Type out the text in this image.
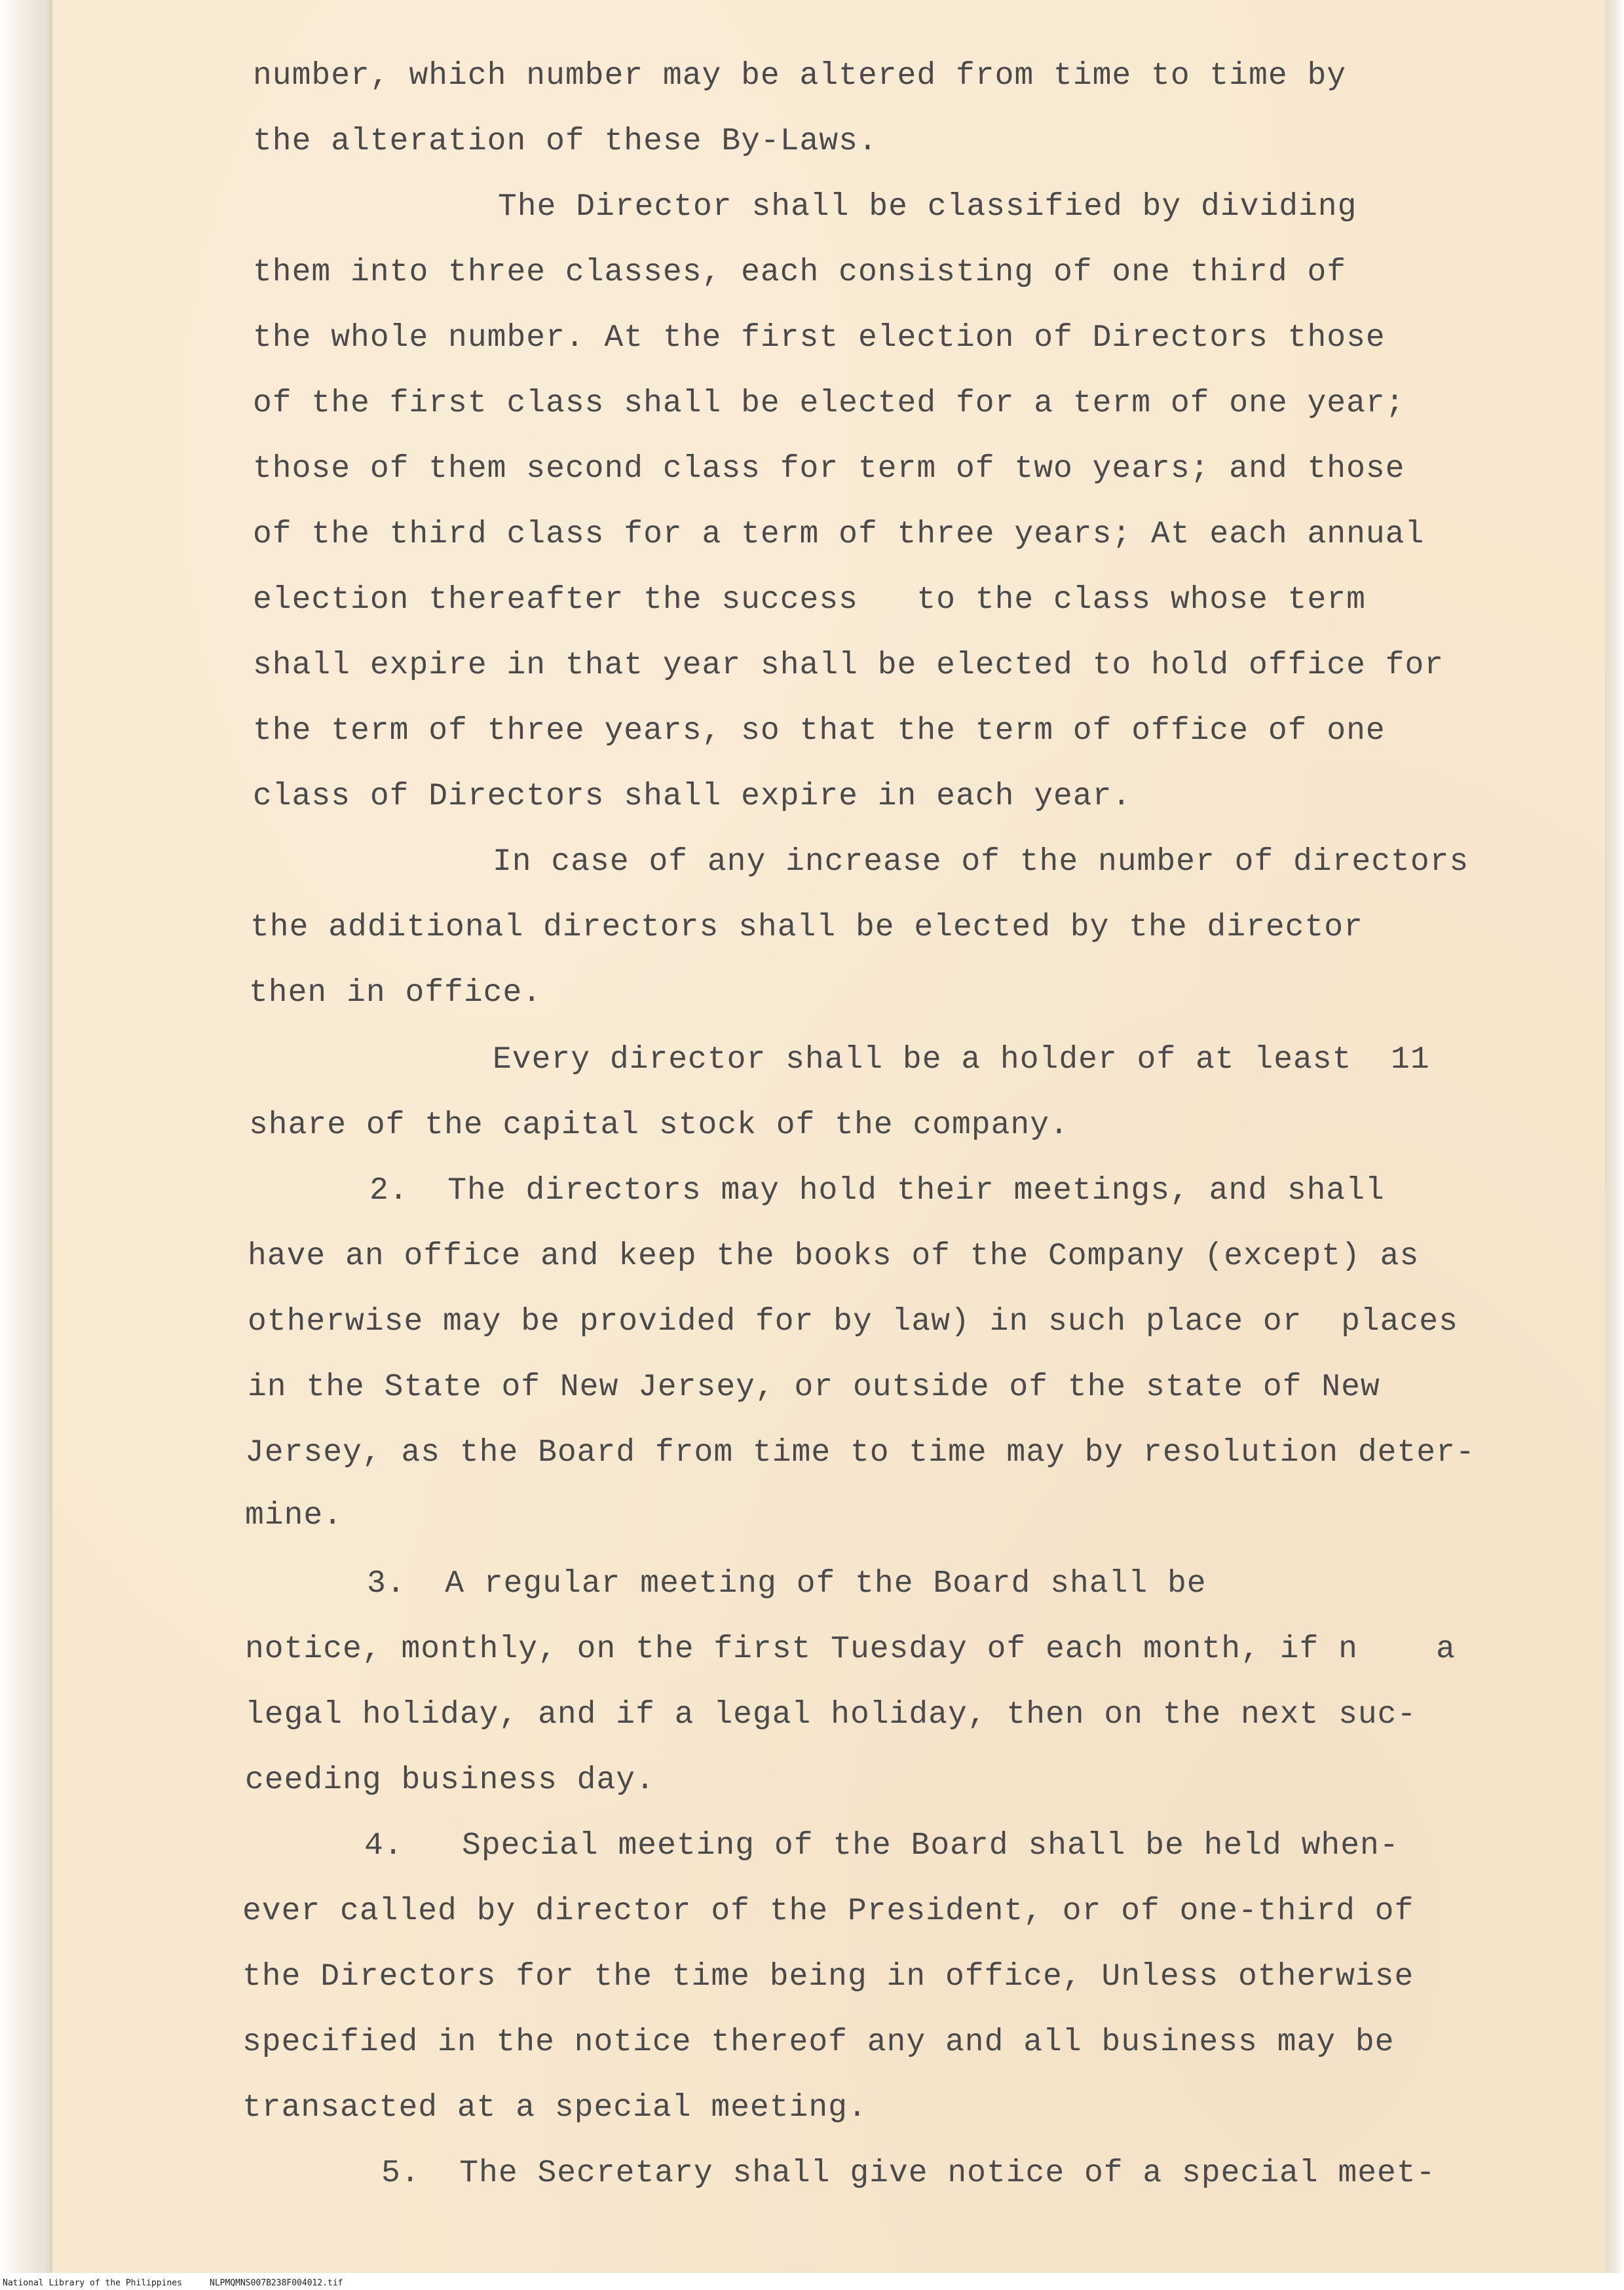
number, which number may be altered from time to time by
the alteration of these By-Laws.
The Director shall be classified by dividing
them into three classes, each consisting of one third of
the whole number. At the first election of Directors those
of the first class shall be elected for a term of one year;
those of them second class for term of two years; and those
of the third class for a term of three years; At each annual
election thereafter the success   to the class whose term
shall expire in that year shall be elected to hold office for
the term of three years, so that the term of office of one
class of Directors shall expire in each year.
In case of any increase of the number of directors
the additional directors shall be elected by the director
then in office.
Every director shall be a holder of at least  11
share of the capital stock of the company.
2.  The directors may hold their meetings, and shall
have an office and keep the books of the Company (except) as
otherwise may be provided for by law) in such place or  places
in the State of New Jersey, or outside of the state of New
Jersey, as the Board from time to time may by resolution deter-
mine.
3.  A regular meeting of the Board shall be
notice, monthly, on the first Tuesday of each month, if n    a
legal holiday, and if a legal holiday, then on the next suc-
ceeding business day.
4.   Special meeting of the Board shall be held when-
ever called by director of the President, or of one-third of
the Directors for the time being in office, Unless otherwise
specified in the notice thereof any and all business may be
transacted at a special meeting.
5.  The Secretary shall give notice of a special meet-
National Library of the Philippines	NLPMQMNS007B238F004012.tif
